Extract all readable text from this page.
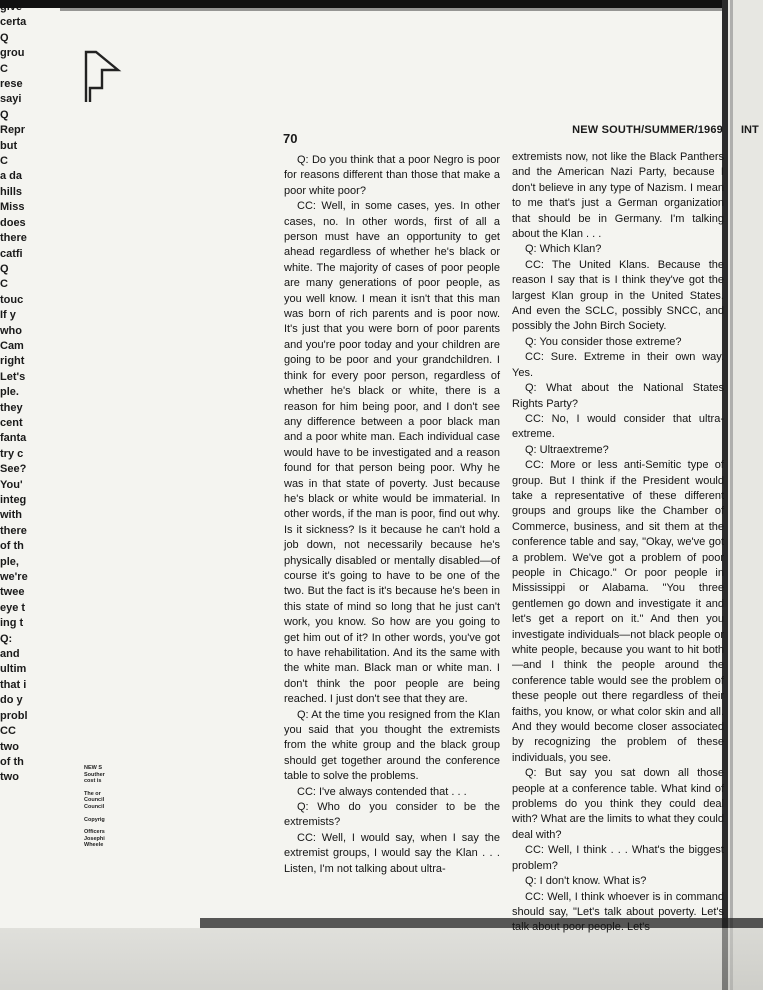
70
NEW SOUTH/SUMMER/1969 INT

Q: Do you think that a poor Negro is poor for reasons different than those that make a poor white poor?

CC: Well, in some cases, yes. In other cases, no. In other words, first of all a person must have an opportunity to get ahead regardless of whether he's black or white. The majority of cases of poor people are many generations of poor people, as you well know. I mean it isn't that this man was born of rich parents and is poor now. It's just that you were born of poor parents and you're poor today and your children are going to be poor and your grandchildren. I think for every poor person, regardless of whether he's black or white, there is a reason for him being poor, and I don't see any difference between a poor black man and a poor white man. Each individual case would have to be investigated and a reason found for that person being poor. Why he was in that state of poverty. Just because he's black or white would be immaterial. In other words, if the man is poor, find out why. Is it sickness? Is it because he can't hold a job down, not necessarily because he's physically disabled or mentally disabled—of course it's going to have to be one of the two. But the fact is it's because he's been in this state of mind so long that he just can't work, you know. So how are you going to get him out of it? In other words, you've got to have rehabilitation. And its the same with the white man. Black man or white man. I don't think the poor people are being reached. I just don't see that they are.

Q: At the time you resigned from the Klan you said that you thought the extremists from the white group and the black group should get together around the conference table to solve the problems.

CC: I've always contended that . . .

Q: Who do you consider to be the extremists?

CC: Well, I would say, when I say the extremist groups, I would say the Klan . . . Listen, I'm not talking about ultra-

extremists now, not like the Black Panthers and the American Nazi Party, because I don't believe in any type of Nazism. I mean to me that's just a German organization that should be in Germany. I'm talking about the Klan . . .

Q: Which Klan?

CC: The United Klans. Because the reason I say that is I think they've got the largest Klan group in the United States. And even the SCLC, possibly SNCC, and possibly the John Birch Society.

Q: You consider those extreme?

CC: Sure. Extreme in their own way. Yes.

Q: What about the National States Rights Party?

CC: No, I would consider that ultra-extreme.

Q: Ultraextreme?

CC: More or less anti-Semitic type of group. But I think if the President would take a representative of these different groups and groups like the Chamber of Commerce, business, and sit them at the conference table and say, "Okay, we've got a problem. We've got a problem of poor people in Chicago." Or poor people in Mississippi or Alabama. "You three gentlemen go down and investigate it and let's get a report on it." And then you investigate individuals—not black people or white people, because you want to hit both—and I think the people around the conference table would see the problem of these people out there regardless of their faiths, you know, or what color skin and all. And they would become closer associated by recognizing the problem of these individuals, you see.

Q: But say you sat down all those people at a conference table. What kind of problems do you think they could deal with? What are the limits to what they could deal with?

CC: Well, I think . . . What's the biggest problem?

Q: I don't know. What is?

CC: Well, I think whoever is in command should say, "Let's talk about poverty. Let's talk about poor people. Let's

certa
Q
grou
C
rese
sayi
Q
Repr
but
C
a da
hills
Miss
does
there
catfi
Q
C
touc
If y
who
Cam
right
Let's
ple.
they
cent
fanta
try c
See?
You'
integ
with
there
of th
ple,
we're
twee
eye t
ing t
Q:
and
ultim
that i
do y
probl
CC
two
of th
two
NEW S
Souther
cost is
The or
Council
Council
Copyrig
Officers
Josephi
Wheele
